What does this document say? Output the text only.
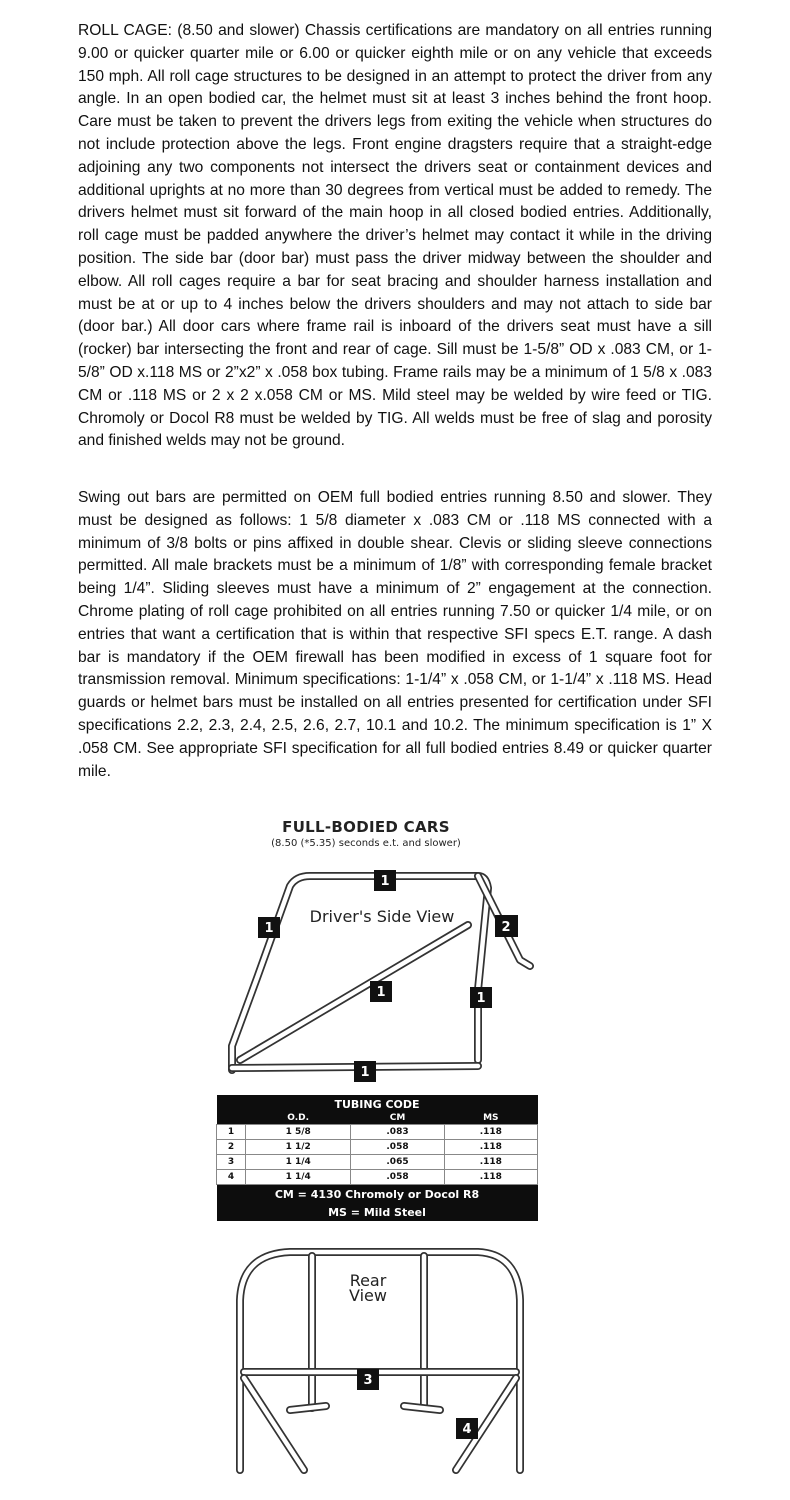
ROLL CAGE: (8.50 and slower) Chassis certifications are mandatory on all entries running 9.00 or quicker quarter mile or 6.00 or quicker eighth mile or on any vehicle that exceeds 150 mph. All roll cage structures to be designed in an attempt to protect the driver from any angle. In an open bodied car, the helmet must sit at least 3 inches behind the front hoop. Care must be taken to prevent the drivers legs from exiting the vehicle when structures do not include protection above the legs. Front engine dragsters require that a straight-edge adjoining any two components not intersect the drivers seat or containment devices and additional uprights at no more than 30 degrees from vertical must be added to remedy. The drivers helmet must sit forward of the main hoop in all closed bodied entries. Additionally, roll cage must be padded anywhere the driver’s helmet may contact it while in the driving position. The side bar (door bar) must pass the driver midway between the shoulder and elbow. All roll cages require a bar for seat bracing and shoulder harness installation and must be at or up to 4 inches below the drivers shoulders and may not attach to side bar (door bar.) All door cars where frame rail is inboard of the drivers seat must have a sill (rocker) bar intersecting the front and rear of cage. Sill must be 1-5/8” OD x .083 CM, or 1-5/8” OD x.118 MS or 2”x2” x .058 box tubing. Frame rails may be a minimum of 1 5/8 x .083 CM or .118 MS or 2 x 2 x.058 CM or MS. Mild steel may be welded by wire feed or TIG. Chromoly or Docol R8 must be welded by TIG. All welds must be free of slag and porosity and finished welds may not be ground.

Swing out bars are permitted on OEM full bodied entries running 8.50 and slower. They must be designed as follows: 1 5/8 diameter x .083 CM or .118 MS connected with a minimum of 3/8 bolts or pins affixed in double shear. Clevis or sliding sleeve connections permitted. All male brackets must be a minimum of 1/8” with corresponding female bracket being 1/4”. Sliding sleeves must have a minimum of 2” engagement at the connection. Chrome plating of roll cage prohibited on all entries running 7.50 or quicker 1/4 mile, or on entries that want a certification that is within that respective SFI specs E.T. range. A dash bar is mandatory if the OEM firewall has been modified in excess of 1 square foot for transmission removal. Minimum specifications: 1-1/4” x .058 CM, or 1-1/4” x .118 MS. Head guards or helmet bars must be installed on all entries presented for certification under SFI specifications 2.2, 2.3, 2.4, 2.5, 2.6, 2.7, 10.1 and 10.2. The minimum specification is 1” X .058 CM. See appropriate SFI specification for all full bodied entries 8.49 or quicker quarter mile.

FULL-BODIED CARS
(8.50 (*5.35) seconds e.t. and slower)
Driver's Side View
1
1	2
1	1
1
TUBING CODE			
	O.D.	CM	MS
1	1 5/8	.083	.118
2	1 1/2	.058	.118
3	1 1/4	.065	.118
4	1 1/4	.058	.118
CM = 4130 Chromoly or Docol R8			
MS = Mild Steel			
Rear
View
3
4
